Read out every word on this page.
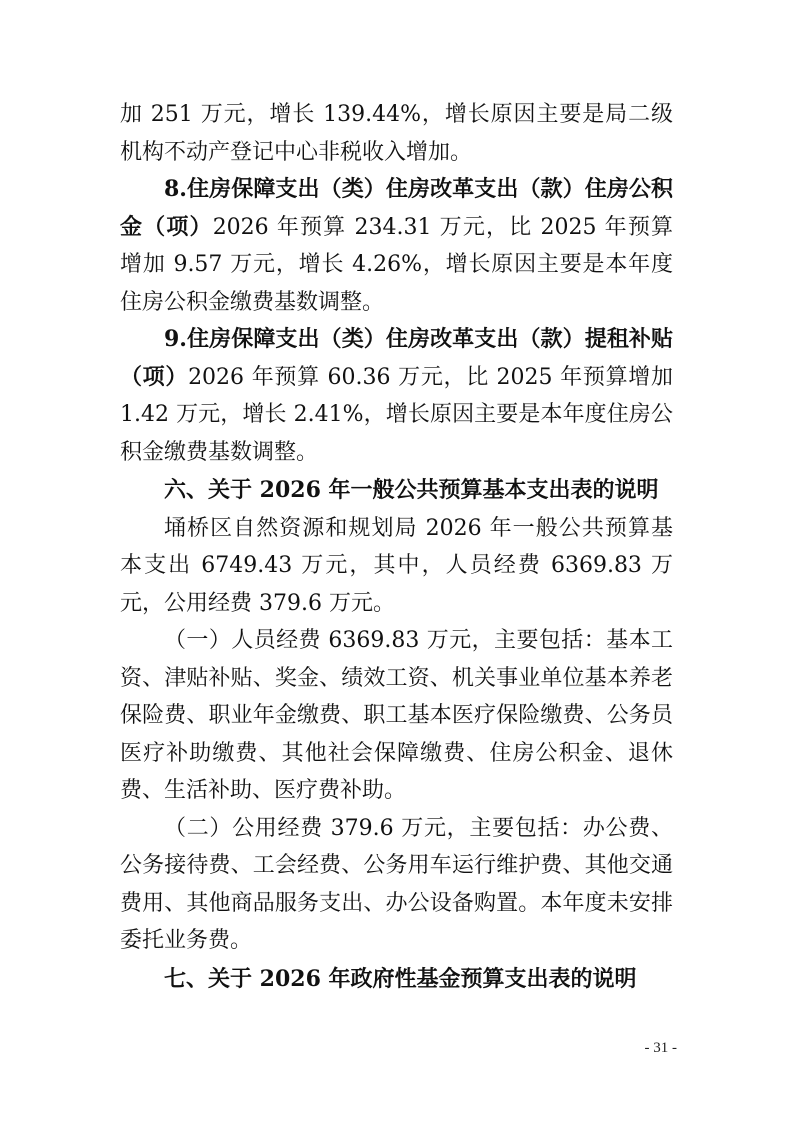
加 251 万元，增长 139.44%，增长原因主要是局二级机构不动产登记中心非税收入增加。

8.住房保障支出（类）住房改革支出（款）住房公积金（项）2026 年预算 234.31 万元，比 2025 年预算增加 9.57 万元，增长 4.26%，增长原因主要是本年度住房公积金缴费基数调整。

9.住房保障支出（类）住房改革支出（款）提租补贴（项）2026 年预算 60.36 万元，比 2025 年预算增加 1.42 万元，增长 2.41%，增长原因主要是本年度住房公积金缴费基数调整。

六、关于 2026 年一般公共预算基本支出表的说明

埇桥区自然资源和规划局 2026 年一般公共预算基本支出 6749.43 万元，其中，人员经费 6369.83 万元，公用经费 379.6 万元。

（一）人员经费 6369.83 万元，主要包括：基本工资、津贴补贴、奖金、绩效工资、机关事业单位基本养老保险费、职业年金缴费、职工基本医疗保险缴费、公务员医疗补助缴费、其他社会保障缴费、住房公积金、退休费、生活补助、医疗费补助。

（二）公用经费 379.6 万元，主要包括：办公费、公务接待费、工会经费、公务用车运行维护费、其他交通费用、其他商品服务支出、办公设备购置。本年度未安排委托业务费。

七、关于 2026 年政府性基金预算支出表的说明

- 31 -
